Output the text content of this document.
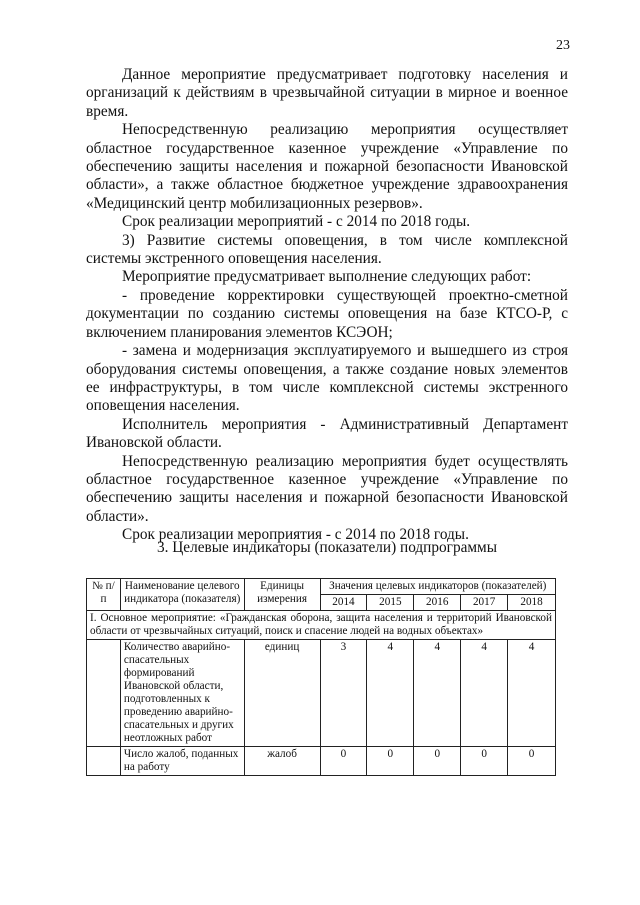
23

Данное мероприятие предусматривает подготовку населения и организаций к действиям в чрезвычайной ситуации в мирное и военное время.

Непосредственную реализацию мероприятия осуществляет областное государственное казенное учреждение «Управление по обеспечению защиты населения и пожарной безопасности Ивановской области», а также областное бюджетное учреждение здравоохранения «Медицинский центр мобилизационных резервов».

Срок реализации мероприятий - с 2014 по 2018 годы.

3) Развитие системы оповещения, в том числе комплексной системы экстренного оповещения населения.

Мероприятие предусматривает выполнение следующих работ:

- проведение корректировки существующей проектно-сметной документации по созданию системы оповещения на базе КТСО-Р, с включением планирования элементов КСЭОН;

- замена и модернизация эксплуатируемого и вышедшего из строя оборудования системы оповещения, а также создание новых элементов ее инфраструктуры, в том числе комплексной системы экстренного оповещения населения.

Исполнитель мероприятия - Административный Департамент Ивановской области.

Непосредственную реализацию мероприятия будет осуществлять областное государственное казенное учреждение «Управление по обеспечению защиты населения и пожарной безопасности Ивановской области».

Срок реализации мероприятия - с 2014 по 2018 годы.

3. Целевые индикаторы (показатели) подпрограммы
№ п/п	Наименование целевого индикатора (показателя)	Единицы измерения	Значения целевых индикаторов (показателей)				
			2014	2015	2016	2017	2018
I. Основное мероприятие: «Гражданская оборона, защита населения и территорий Ивановской области от чрезвычайных ситуаций, поиск и спасение людей на водных объектах»							
	Количество аварийно-спасательных формирований Ивановской области, подготовленных к проведению аварийно-спасательных и других неотложных работ	единиц	3	4	4	4	4
	Число жалоб, поданных на работу	жалоб	0	0	0	0	0
